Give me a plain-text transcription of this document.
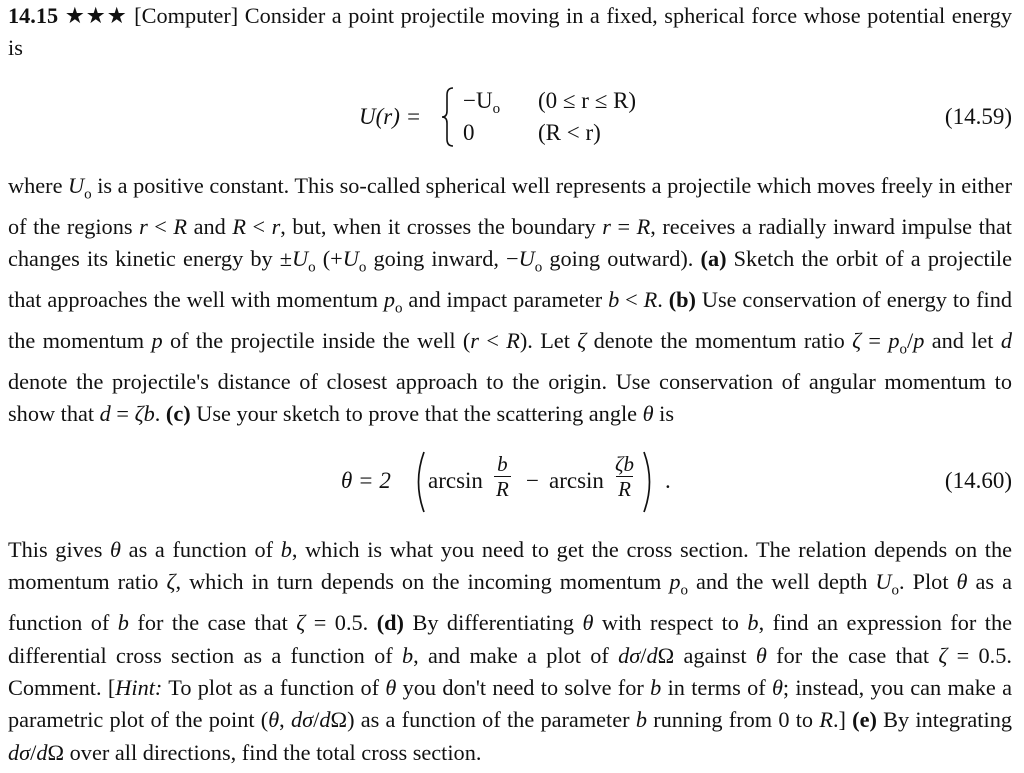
14.15 ★★★ [Computer] Consider a point projectile moving in a fixed, spherical force whose potential energy is
U(r) =
$-U_o$ (0 ≤ r ≤ R)
0	(R < r)
(14.59)
where $U_o$ is a positive constant. This so-called spherical well represents a projectile which moves freely in either of the regions r < R and R < r, but, when it crosses the boundary r = R, receives a radially inward impulse that changes its kinetic energy by $\pm U_o$ ($+U_o$ going inward, $-U_o$ going outward). (a) Sketch the orbit of a projectile that approaches the well with momentum $p_o$ and impact parameter b < R. (b) Use conservation of energy to find the momentum p of the projectile inside the well (r < R). Let ζ denote the momentum ratio $\zeta = p_o/p$ and let d denote the projectile's distance of closest approach to the origin. Use conservation of angular momentum to show that d = ζb. (c) Use your sketch to prove that the scattering angle θ is
θ = 2 $\arcsin \frac{b}{R} - \arcsin \frac{\zeta b}{R}$ .	(14.60)
This gives θ as a function of b, which is what you need to get the cross section. The relation depends on the momentum ratio ζ, which in turn depends on the incoming momentum $p_o$ and the well depth $U_o$. Plot θ as a function of b for the case that ζ = 0.5. (d) By differentiating θ with respect to b, find an expression for the differential cross section as a function of b, and make a plot of dσ/dΩ against θ for the case that ζ = 0.5. Comment. [Hint: To plot as a function of θ you don't need to solve for b in terms of θ; instead, you can make a parametric plot of the point (θ, dσ/dΩ) as a function of the parameter b running from 0 to R.] (e) By integrating dσ/dΩ over all directions, find the total cross section.
